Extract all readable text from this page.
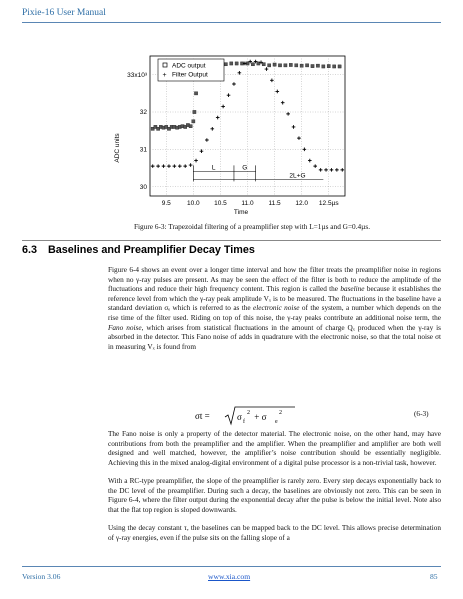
Pixie-16 User Manual
ADC output
+ Filter Output
L	G
2L+G
9.5 10.0 10.5 11.0 11.5 12.0 12.5µs
30
31
32
33x10³
ADC units
Time
Figure 6-3: Trapezoidal filtering of a preamplifier step with L=1µs and G=0.4µs.
6.3 Baselines and Preamplifier Decay Times
Figure 6-4 shows an event over a longer time interval and how the filter treats the preamplifier noise in regions when no γ-ray pulses are present. As may be seen the effect of the filter is both to reduce the amplitude of the fluctuations and reduce their high frequency content. This region is called the baseline because it establishes the reference level from which the γ-ray peak amplitude Vₓ is to be measured. The fluctuations in the baseline have a standard deviation σₑ which is referred to as the electronic noise of the system, a number which depends on the rise time of the filter used. Riding on top of this noise, the γ-ray peaks contribute an additional noise term, the Fano noise, which arises from statistical fluctuations in the amount of charge Qₓ produced when the γ-ray is absorbed in the detector. This Fano noise σf adds in quadrature with the electronic noise, so that the total noise σt in measuring Vₓ is found from
σt =	σ f
2 + σ e
2	(6-3)
The Fano noise is only a property of the detector material. The electronic noise, on the other hand, may have contributions from both the preamplifier and the amplifier. When the preamplifier and amplifier are both well designed and well matched, however, the amplifier’s noise contribution should be essentially negligible. Achieving this in the mixed analog-digital environment of a digital pulse processor is a non-trivial task, however.
With a RC-type preamplifier, the slope of the preamplifier is rarely zero. Every step decays exponentially back to the DC level of the preamplifier. During such a decay, the baselines are obviously not zero. This can be seen in Figure 6-4, where the filter output during the exponential decay after the pulse is below the initial level. Note also that the flat top region is sloped downwards.
Using the decay constant τ, the baselines can be mapped back to the DC level. This allows precise determination of γ-ray energies, even if the pulse sits on the falling slope of a
Version 3.06	www.xia.com	85
